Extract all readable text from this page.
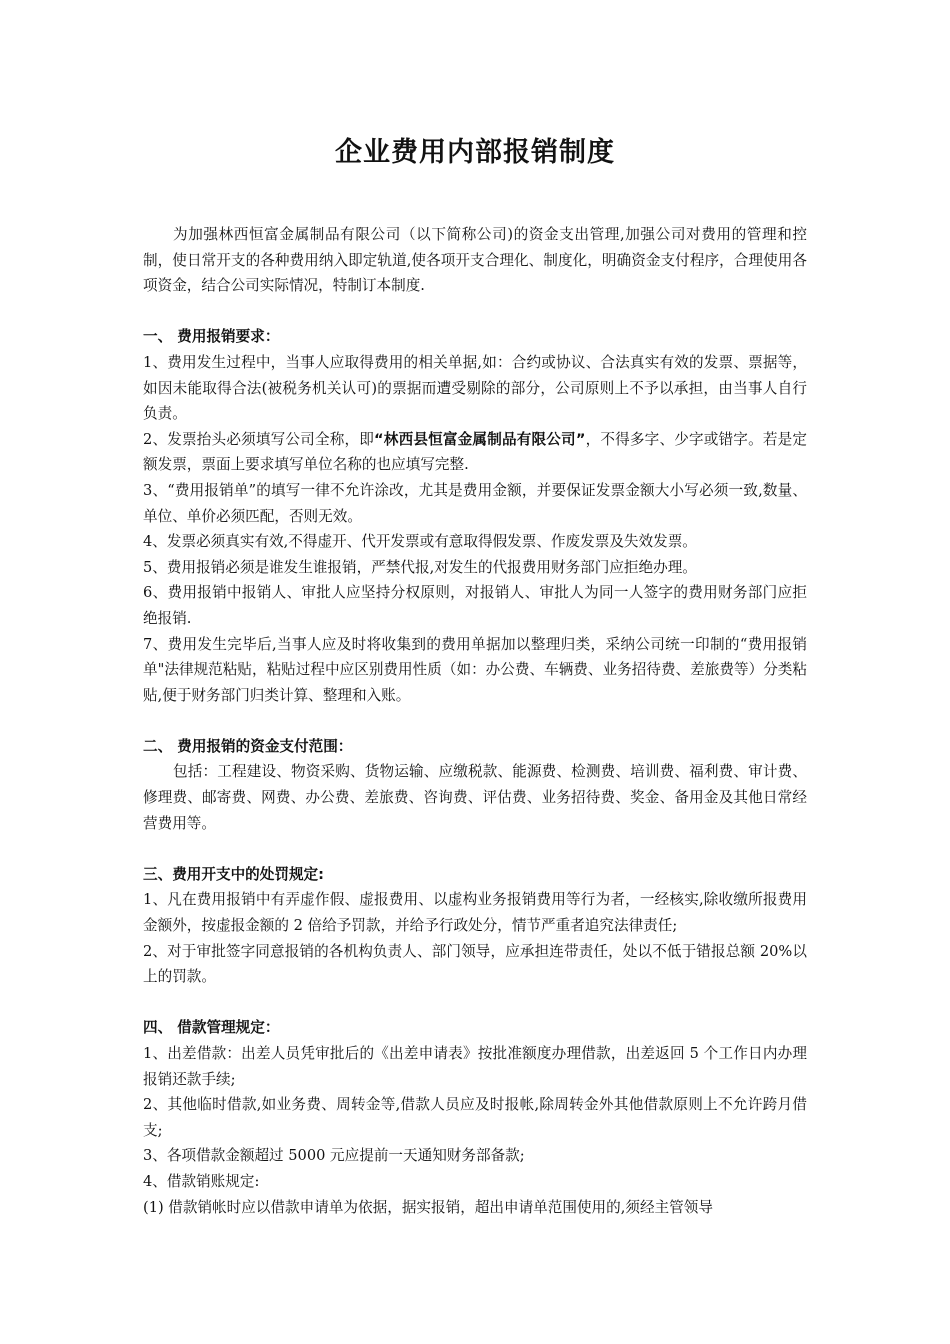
企业费用内部报销制度

为加强林西恒富金属制品有限公司（以下简称公司)的资金支出管理,加强公司对费用的管理和控制，使日常开支的各种费用纳入即定轨道,使各项开支合理化、制度化，明确资金支付程序，合理使用各项资金，结合公司实际情况，特制订本制度.

一、 费用报销要求：

1、费用发生过程中，当事人应取得费用的相关单据,如：合约或协议、合法真实有效的发票、票据等，如因未能取得合法(被税务机关认可)的票据而遭受剔除的部分，公司原则上不予以承担，由当事人自行负责。

2、发票抬头必须填写公司全称，即“林西县恒富金属制品有限公司”，不得多字、少字或错字。若是定额发票，票面上要求填写单位名称的也应填写完整.

3、“费用报销单”的填写一律不允许涂改，尤其是费用金额，并要保证发票金额大小写必须一致,数量、单位、单价必须匹配，否则无效。

4、发票必须真实有效,不得虚开、代开发票或有意取得假发票、作废发票及失效发票。

5、费用报销必须是谁发生谁报销，严禁代报,对发生的代报费用财务部门应拒绝办理。

6、费用报销中报销人、审批人应坚持分权原则，对报销人、审批人为同一人签字的费用财务部门应拒绝报销.

7、费用发生完毕后,当事人应及时将收集到的费用单据加以整理归类，采纳公司统一印制的“费用报销单"法律规范粘贴，粘贴过程中应区别费用性质（如：办公费、车辆费、业务招待费、差旅费等）分类粘贴,便于财务部门归类计算、整理和入账。

二、 费用报销的资金支付范围：

包括：工程建设、物资采购、货物运输、应缴税款、能源费、检测费、培训费、福利费、审计费、修理费、邮寄费、网费、办公费、差旅费、咨询费、评估费、业务招待费、奖金、备用金及其他日常经营费用等。

三、费用开支中的处罚规定:

1、凡在费用报销中有弄虚作假、虚报费用、以虚构业务报销费用等行为者，一经核实,除收缴所报费用金额外，按虚报金额的 2 倍给予罚款，并给予行政处分，情节严重者追究法律责任;

2、对于审批签字同意报销的各机构负责人、部门领导，应承担连带责任，处以不低于错报总额 20%以上的罚款。

四、 借款管理规定：

1、出差借款：出差人员凭审批后的《出差申请表》按批准额度办理借款，出差返回 5 个工作日内办理报销还款手续;

2、其他临时借款,如业务费、周转金等,借款人员应及时报帐,除周转金外其他借款原则上不允许跨月借支;

3、各项借款金额超过 5000 元应提前一天通知财务部备款;

4、借款销账规定:

(1) 借款销帐时应以借款申请单为依据，据实报销，超出申请单范围使用的,须经主管领导
